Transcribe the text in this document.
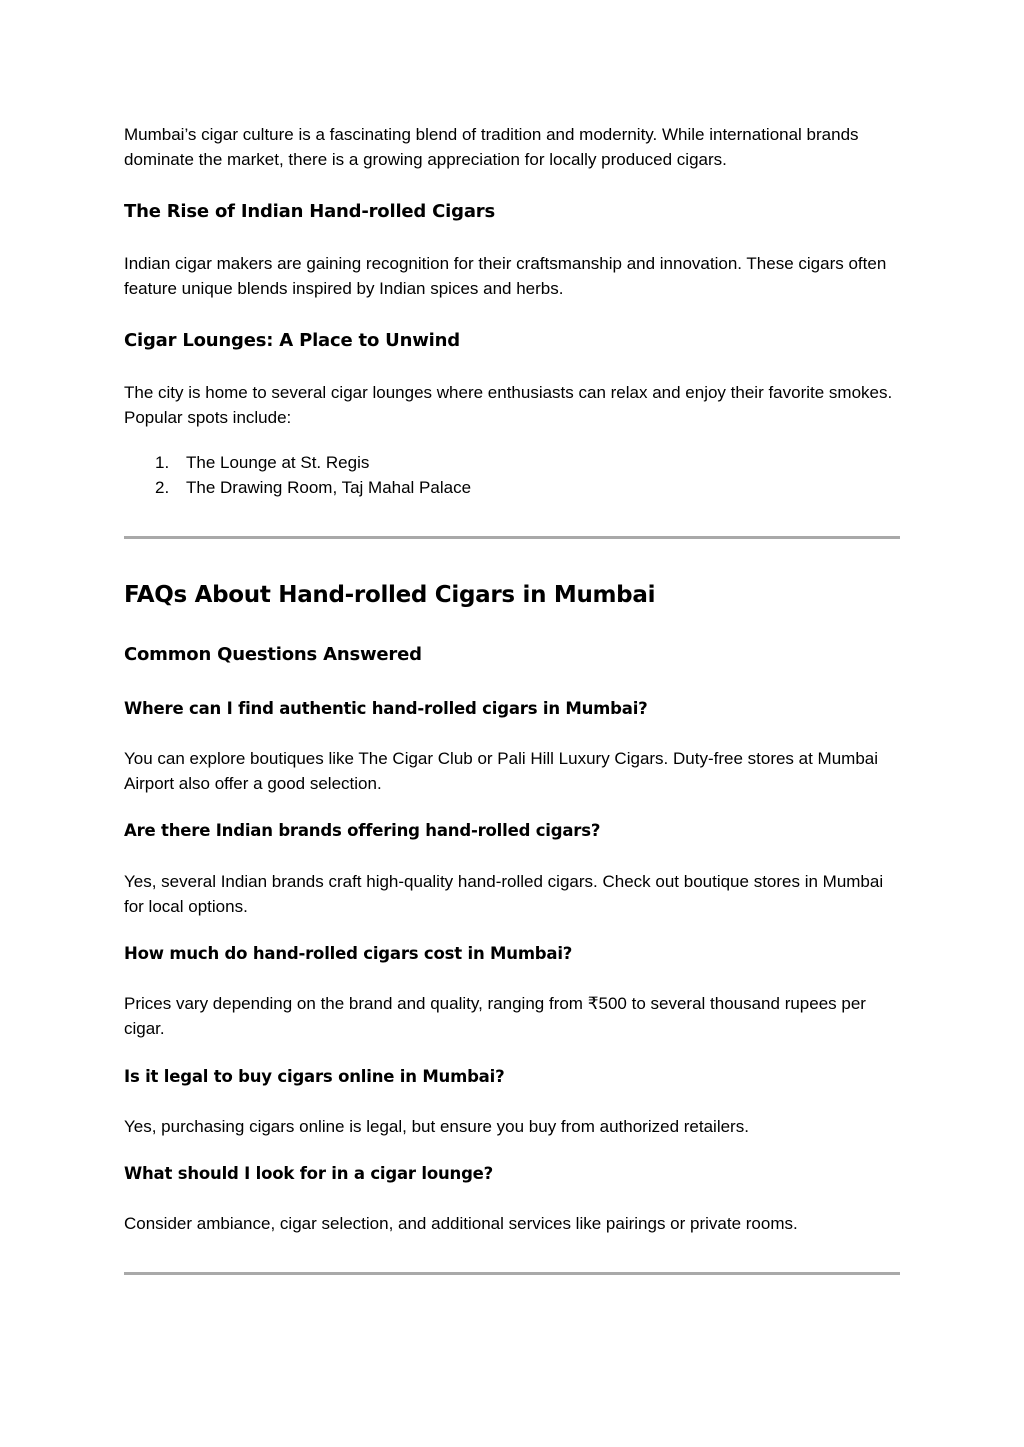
Mumbai’s cigar culture is a fascinating blend of tradition and modernity. While international brands dominate the market, there is a growing appreciation for locally produced cigars.

The Rise of Indian Hand-rolled Cigars

Indian cigar makers are gaining recognition for their craftsmanship and innovation. These cigars often feature unique blends inspired by Indian spices and herbs.

Cigar Lounges: A Place to Unwind

The city is home to several cigar lounges where enthusiasts can relax and enjoy their favorite smokes. Popular spots include:

1. The Lounge at St. Regis
2. The Drawing Room, Taj Mahal Palace
FAQs About Hand-rolled Cigars in Mumbai
Common Questions Answered
Where can I find authentic hand-rolled cigars in Mumbai?

You can explore boutiques like The Cigar Club or Pali Hill Luxury Cigars. Duty-free stores at Mumbai Airport also offer a good selection.

Are there Indian brands offering hand-rolled cigars?

Yes, several Indian brands craft high-quality hand-rolled cigars. Check out boutique stores in Mumbai for local options.

How much do hand-rolled cigars cost in Mumbai?

Prices vary depending on the brand and quality, ranging from ₹500 to several thousand rupees per cigar.

Is it legal to buy cigars online in Mumbai?

Yes, purchasing cigars online is legal, but ensure you buy from authorized retailers.

What should I look for in a cigar lounge?

Consider ambiance, cigar selection, and additional services like pairings or private rooms.
